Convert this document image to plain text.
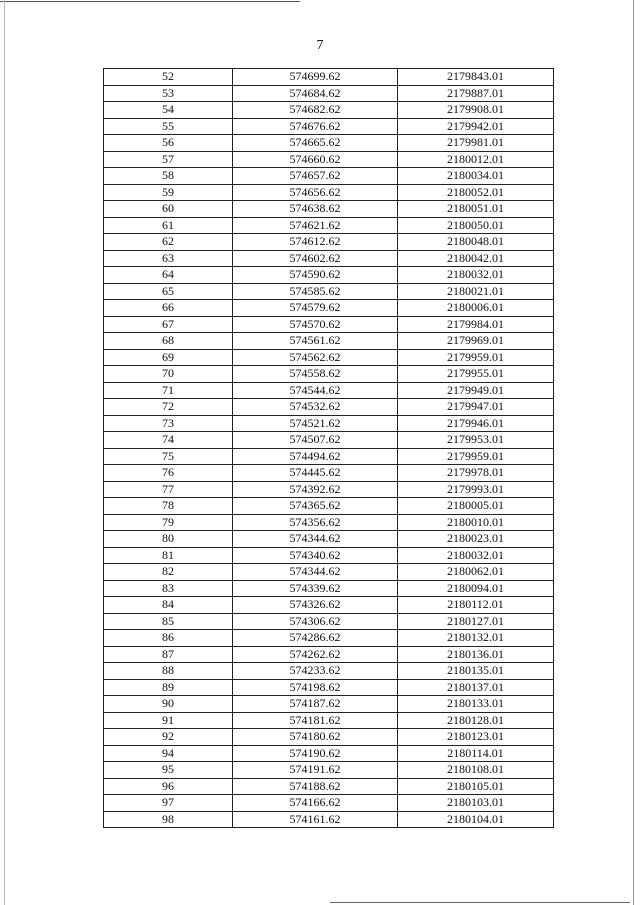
7
52	574699.62	2179843.01
53	574684.62	2179887.01
54	574682.62	2179908.01
55	574676.62	2179942.01
56	574665.62	2179981.01
57	574660.62	2180012.01
58	574657.62	2180034.01
59	574656.62	2180052.01
60	574638.62	2180051.01
61	574621.62	2180050.01
62	574612.62	2180048.01
63	574602.62	2180042.01
64	574590.62	2180032.01
65	574585.62	2180021.01
66	574579.62	2180006.01
67	574570.62	2179984.01
68	574561.62	2179969.01
69	574562.62	2179959.01
70	574558.62	2179955.01
71	574544.62	2179949.01
72	574532.62	2179947.01
73	574521.62	2179946.01
74	574507.62	2179953.01
75	574494.62	2179959.01
76	574445.62	2179978.01
77	574392.62	2179993.01
78	574365.62	2180005.01
79	574356.62	2180010.01
80	574344.62	2180023.01
81	574340.62	2180032.01
82	574344.62	2180062.01
83	574339.62	2180094.01
84	574326.62	2180112.01
85	574306.62	2180127.01
86	574286.62	2180132.01
87	574262.62	2180136.01
88	574233.62	2180135.01
89	574198.62	2180137.01
90	574187.62	2180133.01
91	574181.62	2180128.01
92	574180.62	2180123.01
94	574190.62	2180114.01
95	574191.62	2180108.01
96	574188.62	2180105.01
97	574166.62	2180103.01
98	574161.62	2180104.01
